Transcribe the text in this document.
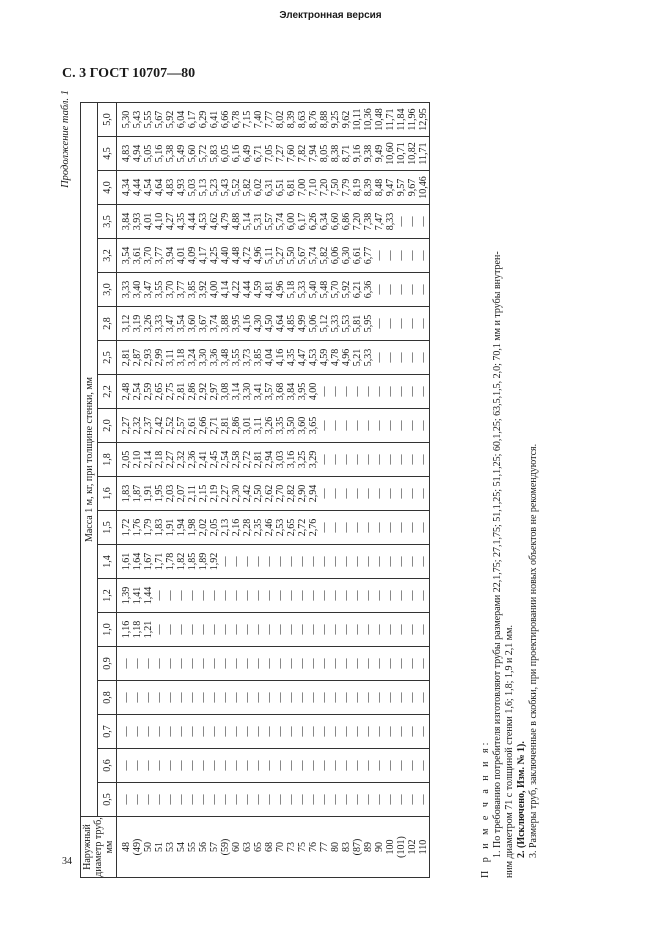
Электронная версия
С. 3 ГОСТ 10707—80
34
Продолжение табл. 1
Наружный диаметр труб, мм	Масса 1 м, кг, при толщине стенки, мм																				
	0,5	0,6	0,7	0,8	0,9	1,0	1,2	1,4	1,5	1,6	1,8	2,0	2,2	2,5	2,8	3,0	3,2	3,5	4,0	4,5	5,0
48	—	—	—	—	—	1,16	1,39	1,61	1,72	1,83	2,05	2,27	2,48	2,81	3,12	3,33	3,54	3,84	4,34	4,83	5,30
(49)	—	—	—	—	—	1,18	1,41	1,64	1,76	1,87	2,10	2,32	2,54	2,87	3,19	3,40	3,61	3,93	4,44	4,94	5,43
50	—	—	—	—	—	1,21	1,44	1,67	1,79	1,91	2,14	2,37	2,59	2,93	3,26	3,47	3,70	4,01	4,54	5,05	5,55
51	—	—	—	—	—	—	—	1,71	1,83	1,95	2,18	2,42	2,65	2,99	3,33	3,55	3,77	4,10	4,64	5,16	5,67
53	—	—	—	—	—	—	—	1,78	1,91	2,03	2,27	2,52	2,75	3,11	3,47	3,70	3,94	4,27	4,83	5,38	5,92
54	—	—	—	—	—	—	—	1,82	1,94	2,07	2,32	2,57	2,81	3,18	3,54	3,77	4,01	4,35	4,93	5,49	6,04
55	—	—	—	—	—	—	—	1,85	1,98	2,11	2,36	2,61	2,86	3,24	3,60	3,85	4,09	4,44	5,03	5,60	6,17
56	—	—	—	—	—	—	—	1,89	2,02	2,15	2,41	2,66	2,92	3,30	3,67	3,92	4,17	4,53	5,13	5,72	6,29
57	—	—	—	—	—	—	—	1,92	2,05	2,19	2,45	2,71	2,97	3,36	3,74	4,00	4,25	4,62	5,23	5,83	6,41
(59)	—	—	—	—	—	—	—	—	2,13	2,27	2,54	2,81	3,08	3,48	3,88	4,14	4,40	4,79	5,43	6,05	6,66
60	—	—	—	—	—	—	—	—	2,16	2,30	2,58	2,86	3,14	3,55	3,95	4,22	4,48	4,88	5,52	6,16	6,78
63	—	—	—	—	—	—	—	—	2,28	2,42	2,72	3,01	3,30	3,73	4,16	4,44	4,72	5,14	5,82	6,49	7,15
65	—	—	—	—	—	—	—	—	2,35	2,50	2,81	3,11	3,41	3,85	4,30	4,59	4,96	5,31	6,02	6,71	7,40
68	—	—	—	—	—	—	—	—	2,46	2,62	2,94	3,26	3,57	4,04	4,50	4,81	5,11	5,57	6,31	7,05	7,77
70	—	—	—	—	—	—	—	—	2,53	2,70	3,03	3,35	3,68	4,16	4,64	4,96	5,27	5,74	6,51	7,27	8,02
73	—	—	—	—	—	—	—	—	2,65	2,82	3,16	3,50	3,84	4,35	4,85	5,18	5,50	6,00	6,81	7,60	8,39
75	—	—	—	—	—	—	—	—	2,72	2,90	3,25	3,60	3,95	4,47	4,99	5,33	5,67	6,17	7,00	7,82	8,63
76	—	—	—	—	—	—	—	—	2,76	2,94	3,29	3,65	4,00	4,53	5,06	5,40	5,74	6,26	7,10	7,94	8,76
77	—	—	—	—	—	—	—	—	—	—	—	—	—	4,59	5,12	5,48	5,82	6,34	7,20	8,05	8,88
80	—	—	—	—	—	—	—	—	—	—	—	—	—	4,78	5,33	5,70	6,06	6,60	7,50	8,38	9,25
83	—	—	—	—	—	—	—	—	—	—	—	—	—	4,96	5,53	5,92	6,30	6,86	7,79	8,71	9,62
(87)	—	—	—	—	—	—	—	—	—	—	—	—	—	5,21	5,81	6,21	6,61	7,20	8,19	9,16	10,11
89	—	—	—	—	—	—	—	—	—	—	—	—	—	5,33	5,95	6,36	6,77	7,38	8,39	9,38	10,36
90	—	—	—	—	—	—	—	—	—	—	—	—	—	—	—	—	—	7,47	8,48	9,49	10,48
100	—	—	—	—	—	—	—	—	—	—	—	—	—	—	—	—	—	8,33	9,47	10,60	11,71
(101)	—	—	—	—	—	—	—	—	—	—	—	—	—	—	—	—	—	—	9,57	10,71	11,84
102	—	—	—	—	—	—	—	—	—	—	—	—	—	—	—	—	—	—	9,67	10,82	11,96
110	—	—	—	—	—	—	—	—	—	—	—	—	—	—	—	—	—	—	10,46	11,71	12,95

П р и м е ч а н и я: 1. По требованию потребителя изготовляют трубы размерами 22,1,75; 27,1,75; 51,1,25; 51,1,25; 60,1,25; 63,5,1,5, 2,0; 70,1 мм и трубы внутрен- ним диаметром 71 с толщиной стенки 1,6; 1,8; 1,9 и 2,1 мм. 2. (Исключено, Изм. № 1). 3. Размеры труб, заключенные в скобки, при проектировании новых объектов не рекомендуются.
